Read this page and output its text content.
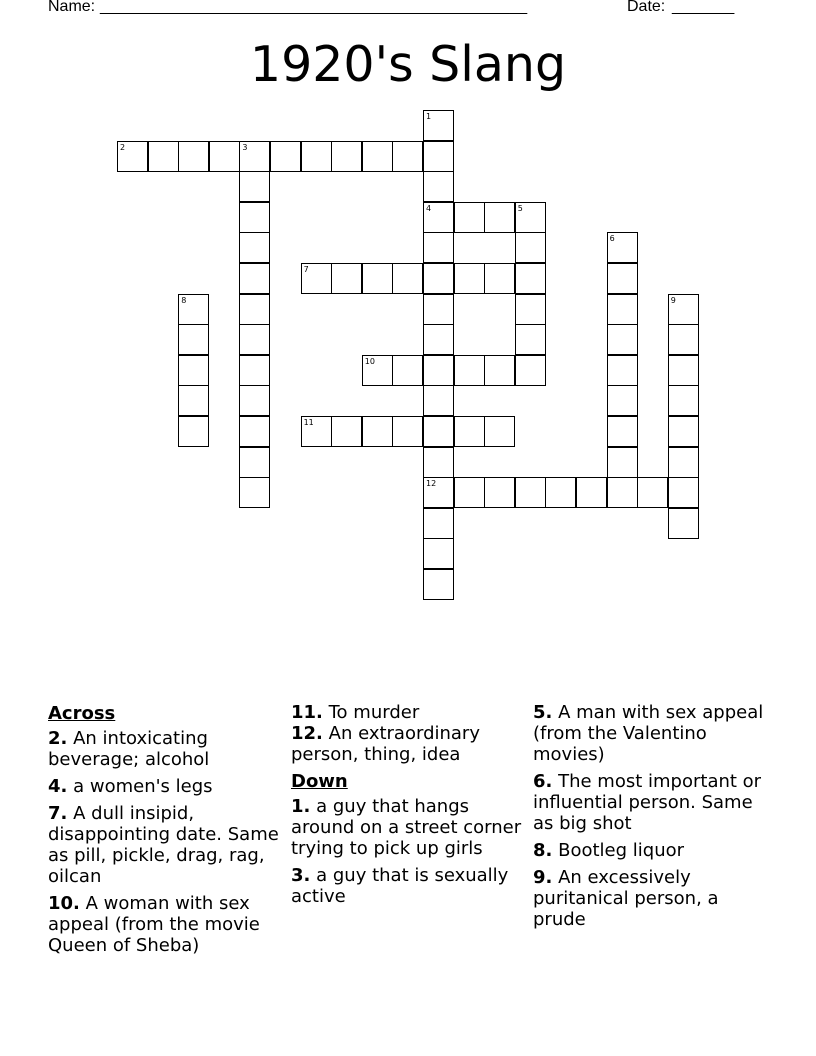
Name: ________________________________________________	Date: _______
1920's Slang
1
4
12
2	3
5
6
7
8	9
10
11
Across
2. An intoxicating beverage; alcohol
4. a women's legs
7. A dull insipid, disappointing date. Same as pill, pickle, drag, rag, oilcan
10. A woman with sex appeal (from the movie Queen of Sheba)
11. To murder
12. An extraordinary person, thing, idea
Down
1. a guy that hangs around on a street corner trying to pick up girls
3. a guy that is sexually active
5. A man with sex appeal (from the Valentino movies)
6. The most important or influential person. Same as big shot
8. Bootleg liquor
9. An excessively puritanical person, a prude
